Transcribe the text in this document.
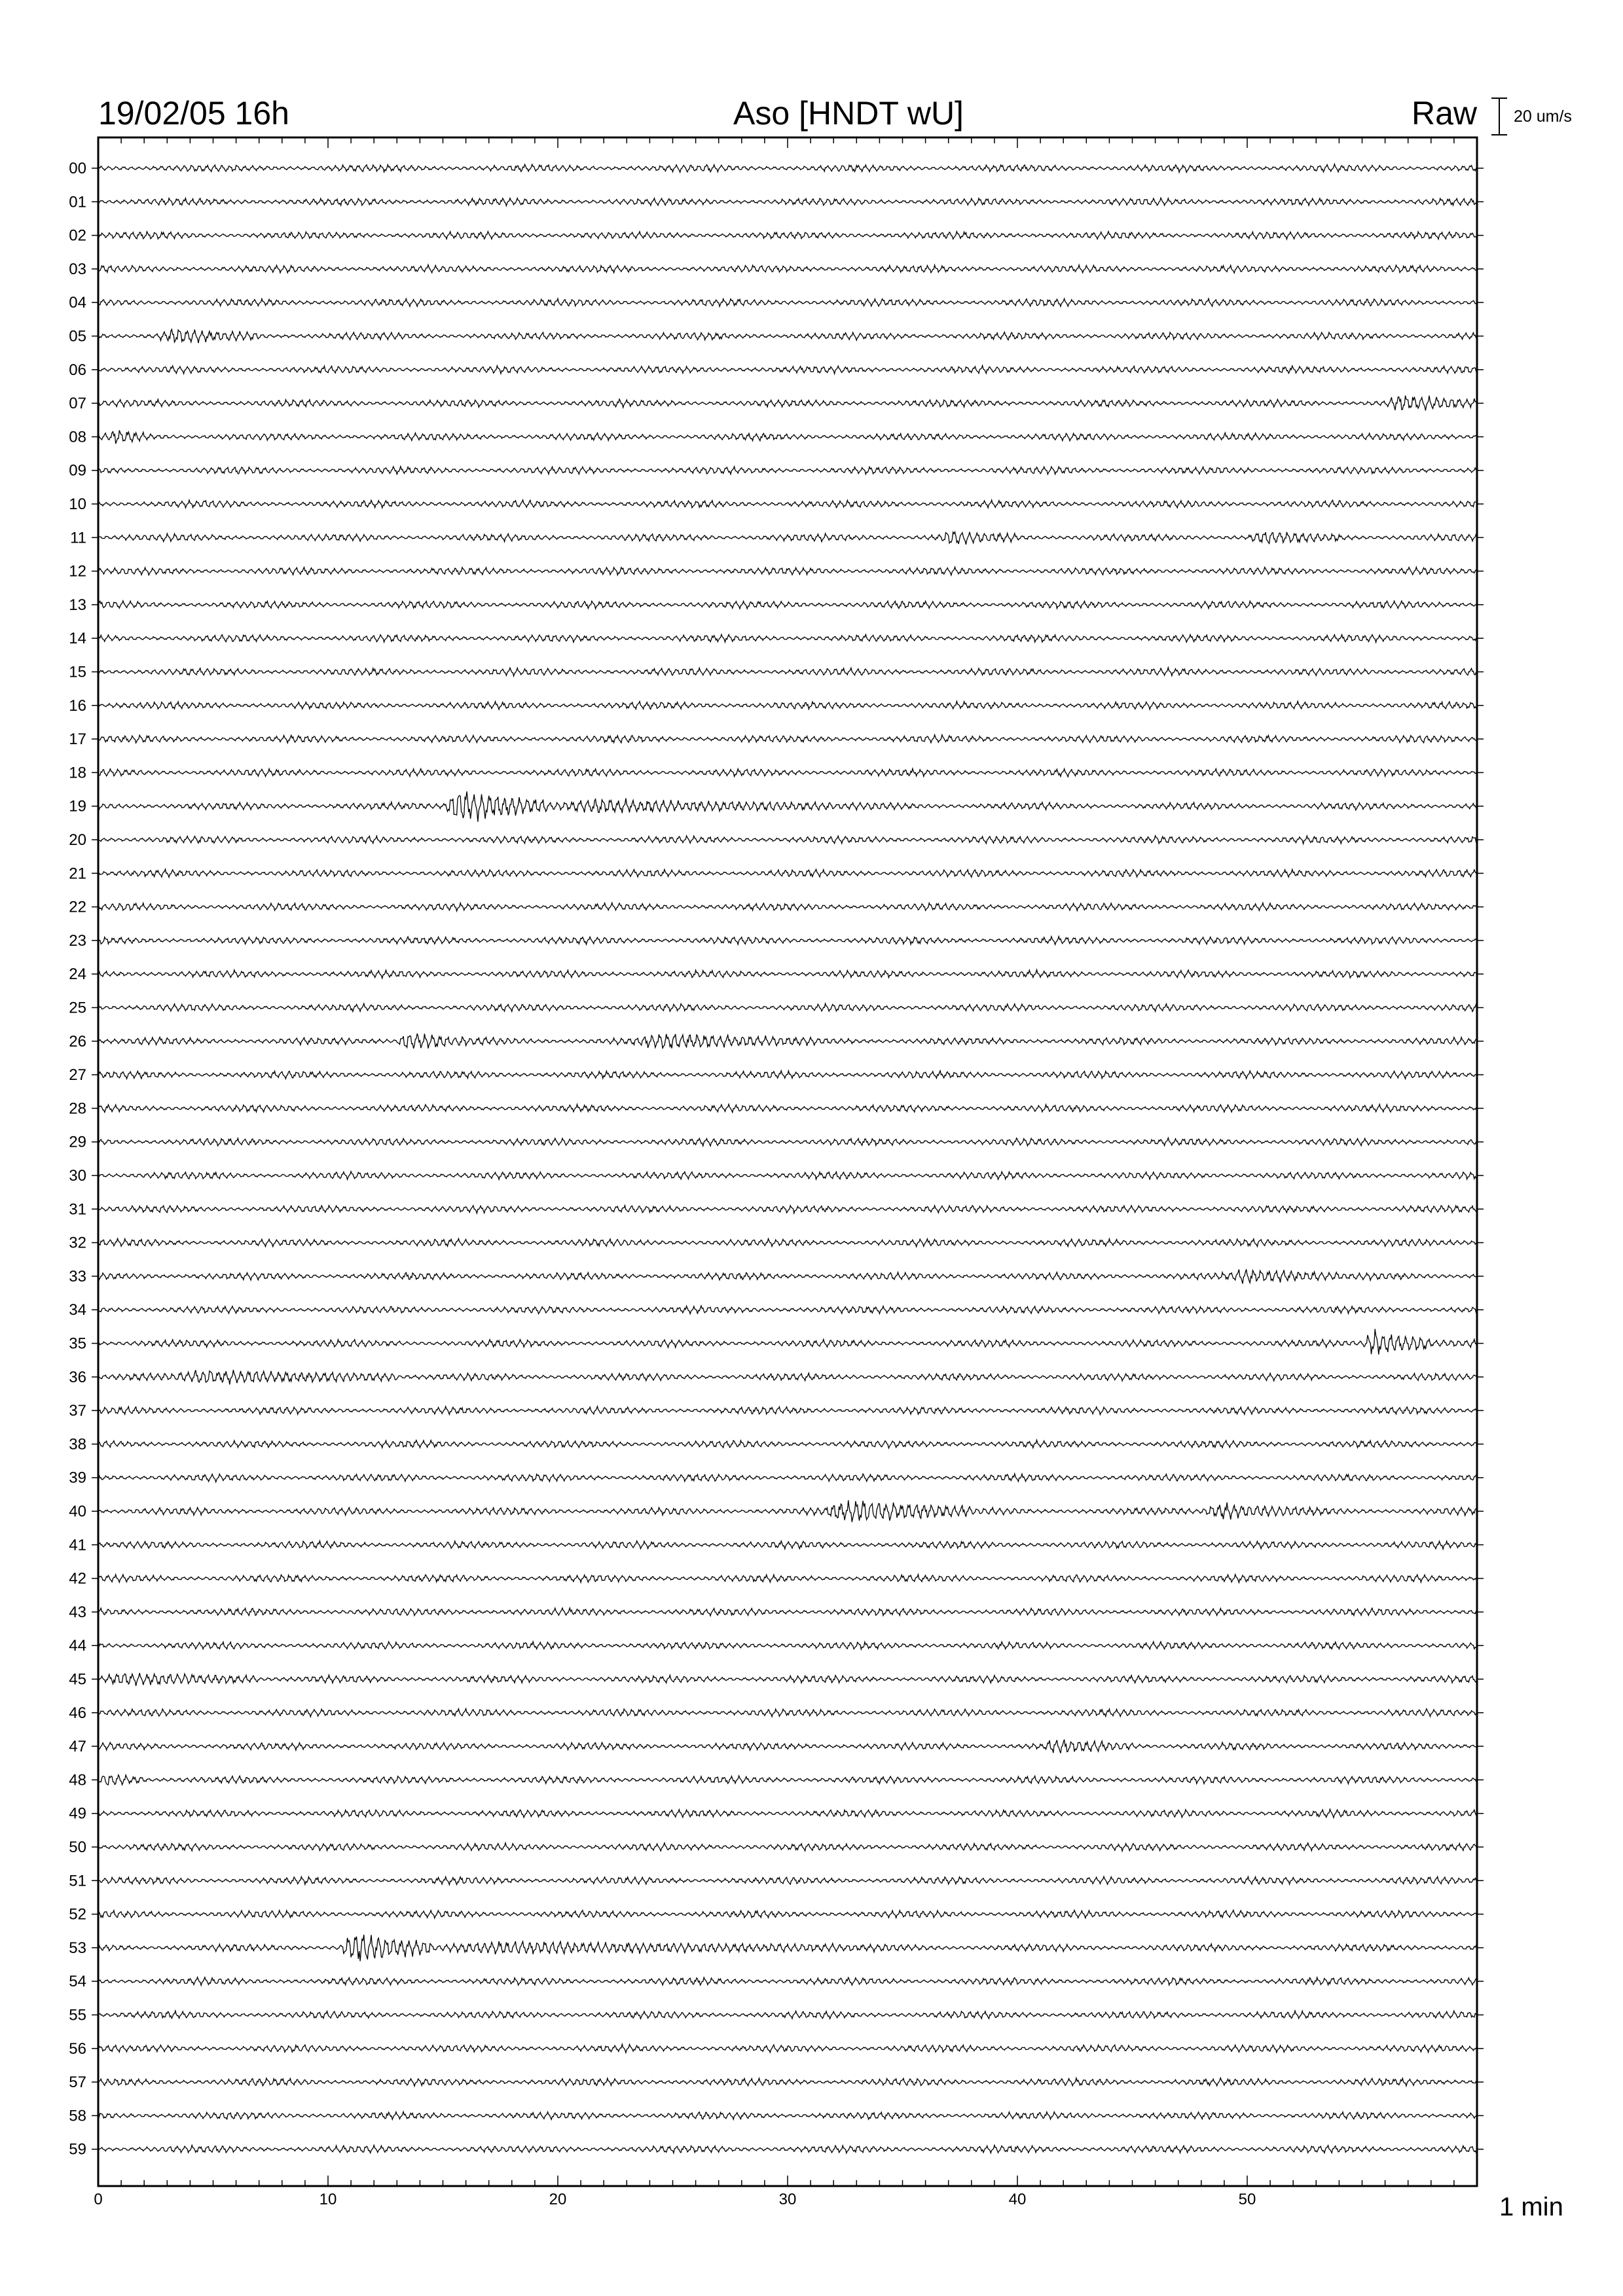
19/02/05 16h	Aso [HNDT wU]	Raw 20 um/s
00
01
02
03
04
05
06
07
08
09
10
11
12
13
14
15
16
17
18
19
20
21
22
23
24
25
26
27
28
29
30
31
32
33
34
35
36
37
38
39
40
41
42
43
44
45
46
47
48
49
50
51
52
53
54
55
56
57
58
59
0	10	20	30	40	50	1 min
